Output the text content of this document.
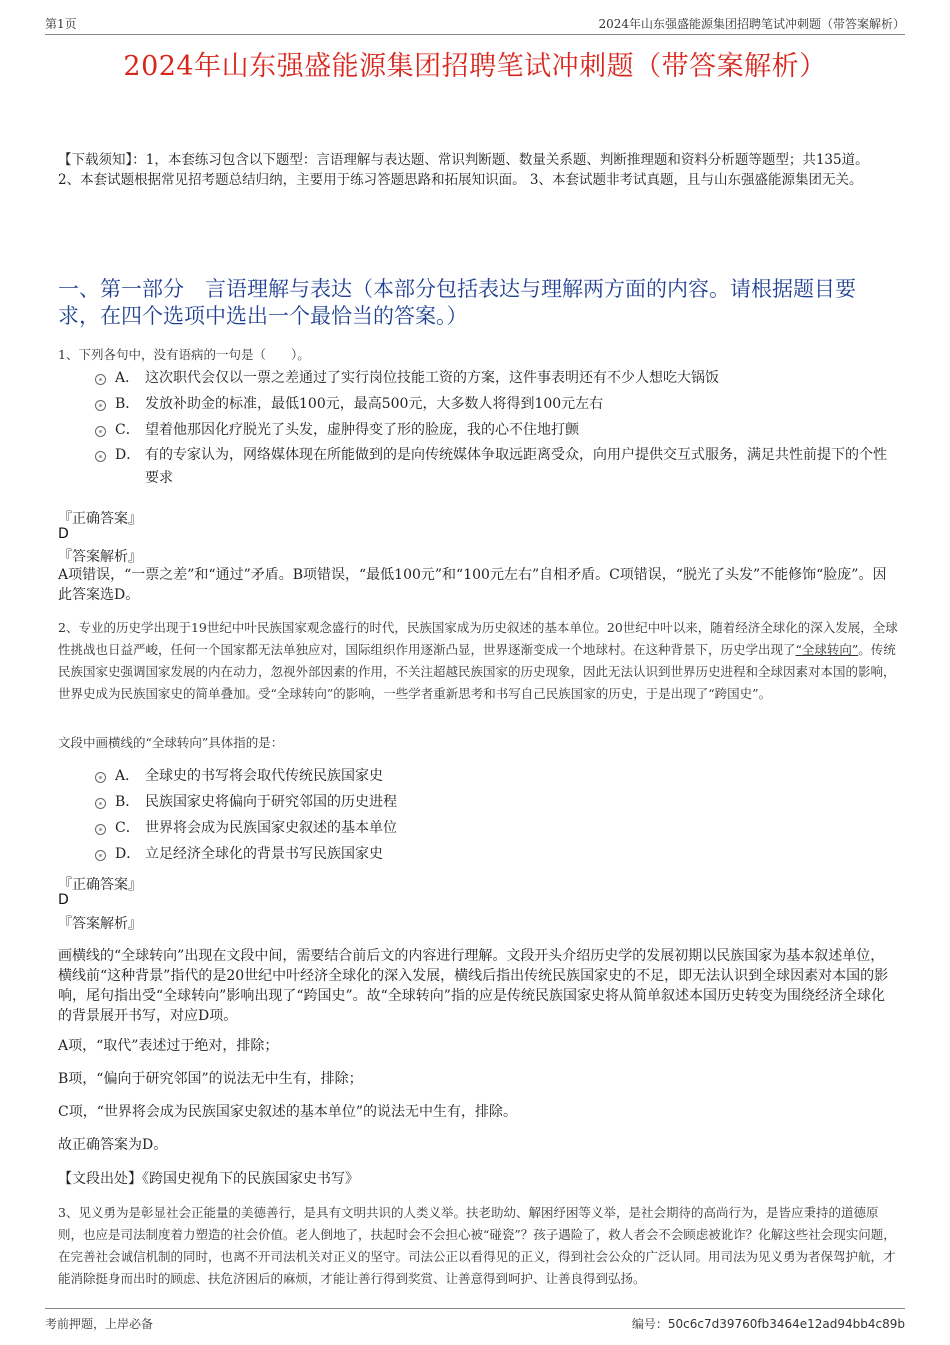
第1页	2024年山东强盛能源集团招聘笔试冲刺题（带答案解析）
2024年山东强盛能源集团招聘笔试冲刺题（带答案解析）
【下载须知】：1，本套练习包含以下题型：言语理解与表达题、常识判断题、数量关系题、判断推理题和资料分析题等题型；共135道。 2、本套试题根据常见招考题总结归纳，主要用于练习答题思路和拓展知识面。 3、本套试题非考试真题，且与山东强盛能源集团无关。
一、第一部分　言语理解与表达（本部分包括表达与理解两方面的内容。请根据题目要求，在四个选项中选出一个最恰当的答案。）
1、下列各句中，没有语病的一句是（　　）。
A． 这次职代会仅以一票之差通过了实行岗位技能工资的方案，这件事表明还有不少人想吃大锅饭
B． 发放补助金的标准，最低100元，最高500元，大多数人将得到100元左右
C． 望着他那因化疗脱光了头发，虚肿得变了形的脸庞，我的心不住地打颤
D． 有的专家认为，网络媒体现在所能做到的是向传统媒体争取远距离受众，向用户提供交互式服务，满足共性前提下的个性要求
『正确答案』
D
『答案解析』
A项错误，“一票之差”和“通过”矛盾。B项错误，“最低100元”和“100元左右”自相矛盾。C项错误，“脱光了头发”不能修饰“脸庞”。因此答案选D。
2、专业的历史学出现于19世纪中叶民族国家观念盛行的时代，民族国家成为历史叙述的基本单位。20世纪中叶以来，随着经济全球化的深入发展，全球性挑战也日益严峻，任何一个国家都无法单独应对，国际组织作用逐渐凸显，世界逐渐变成一个地球村。在这种背景下，历史学出现了“全球转向”。传统民族国家史强调国家发展的内在动力，忽视外部因素的作用，不关注超越民族国家的历史现象，因此无法认识到世界历史进程和全球因素对本国的影响，世界史成为民族国家史的简单叠加。受“全球转向”的影响，一些学者重新思考和书写自己民族国家的历史，于是出现了“跨国史”。
文段中画横线的“全球转向”具体指的是：
A． 全球史的书写将会取代传统民族国家史
B． 民族国家史将偏向于研究邻国的历史进程
C． 世界将会成为民族国家史叙述的基本单位
D． 立足经济全球化的背景书写民族国家史
『正确答案』
D
『答案解析』
画横线的“全球转向”出现在文段中间，需要结合前后文的内容进行理解。文段开头介绍历史学的发展初期以民族国家为基本叙述单位，横线前“这种背景”指代的是20世纪中叶经济全球化的深入发展，横线后指出传统民族国家史的不足，即无法认识到全球因素对本国的影响，尾句指出受“全球转向”影响出现了“跨国史”。故“全球转向”指的应是传统民族国家史将从简单叙述本国历史转变为围绕经济全球化的背景展开书写，对应D项。
A项，“取代”表述过于绝对，排除；
B项，“偏向于研究邻国”的说法无中生有，排除；
C项，“世界将会成为民族国家史叙述的基本单位”的说法无中生有，排除。
故正确答案为D。
【文段出处】《跨国史视角下的民族国家史书写》
3、见义勇为是彰显社会正能量的美德善行，是具有文明共识的人类义举。扶老助幼、解困纾困等义举，是社会期待的高尚行为，是皆应秉持的道德原则，也应是司法制度着力塑造的社会价值。老人倒地了，扶起时会不会担心被“碰瓷”？孩子遇险了，救人者会不会顾虑被讹诈？化解这些社会现实问题，在完善社会诚信机制的同时，也离不开司法机关对正义的坚守。司法公正以看得见的正义，得到社会公众的广泛认同。用司法为见义勇为者保驾护航，才能消除挺身而出时的顾虑、扶危济困后的麻烦，才能让善行得到奖赏、让善意得到呵护、让善良得到弘扬。
考前押题，上岸必备	编号：50c6c7d39760fb3464e12ad94bb4c89b
